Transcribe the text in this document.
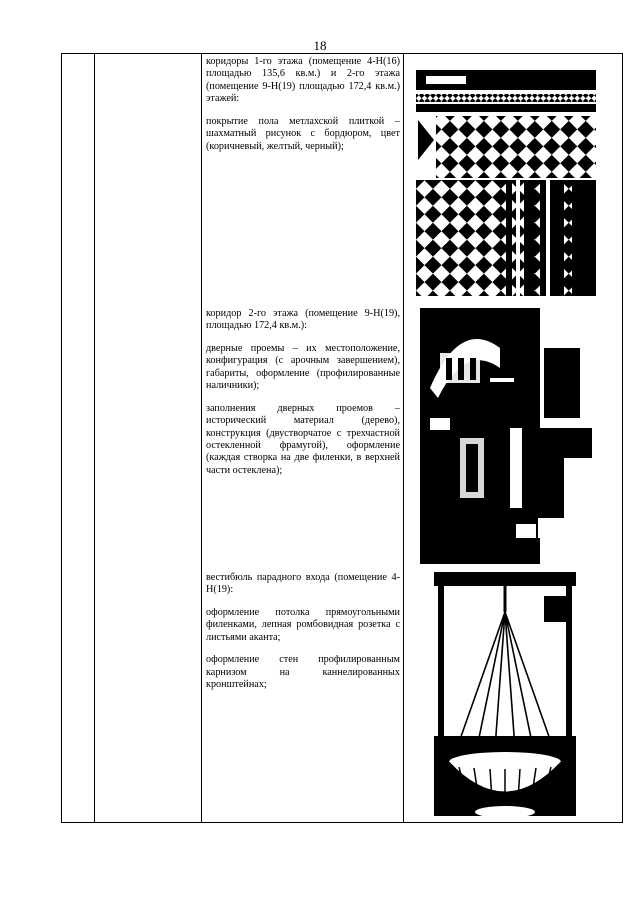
18

коридоры 1-го этажа (помещение 4-Н(16) площадью 135,6 кв.м.) и 2-го этажа (помещение 9-Н(19) площадью 172,4 кв.м.) этажей:

покрытие пола метлахской плиткой – шахматный рисунок с бордюром, цвет (коричневый, желтый, черный);

коридор 2-го этажа (помещение 9-Н(19), площадью 172,4 кв.м.):

дверные проемы – их местоположение, конфигурация (с арочным завершением), габариты, оформление (профилированные наличники);

заполнения дверных проемов – исторический материал (дерево), конструкция (двустворчатое с трехчастной остекленной фрамугой), оформление (каждая створка на две филенки, в верхней части остеклена);

вестибюль парадного входа (помещение 4-Н(19):

оформление потолка прямоугольными филенками, лепная ромбовидная розетка с листьями аканта;

оформление стен профилированным карнизом на каннелированных кронштейнах;
